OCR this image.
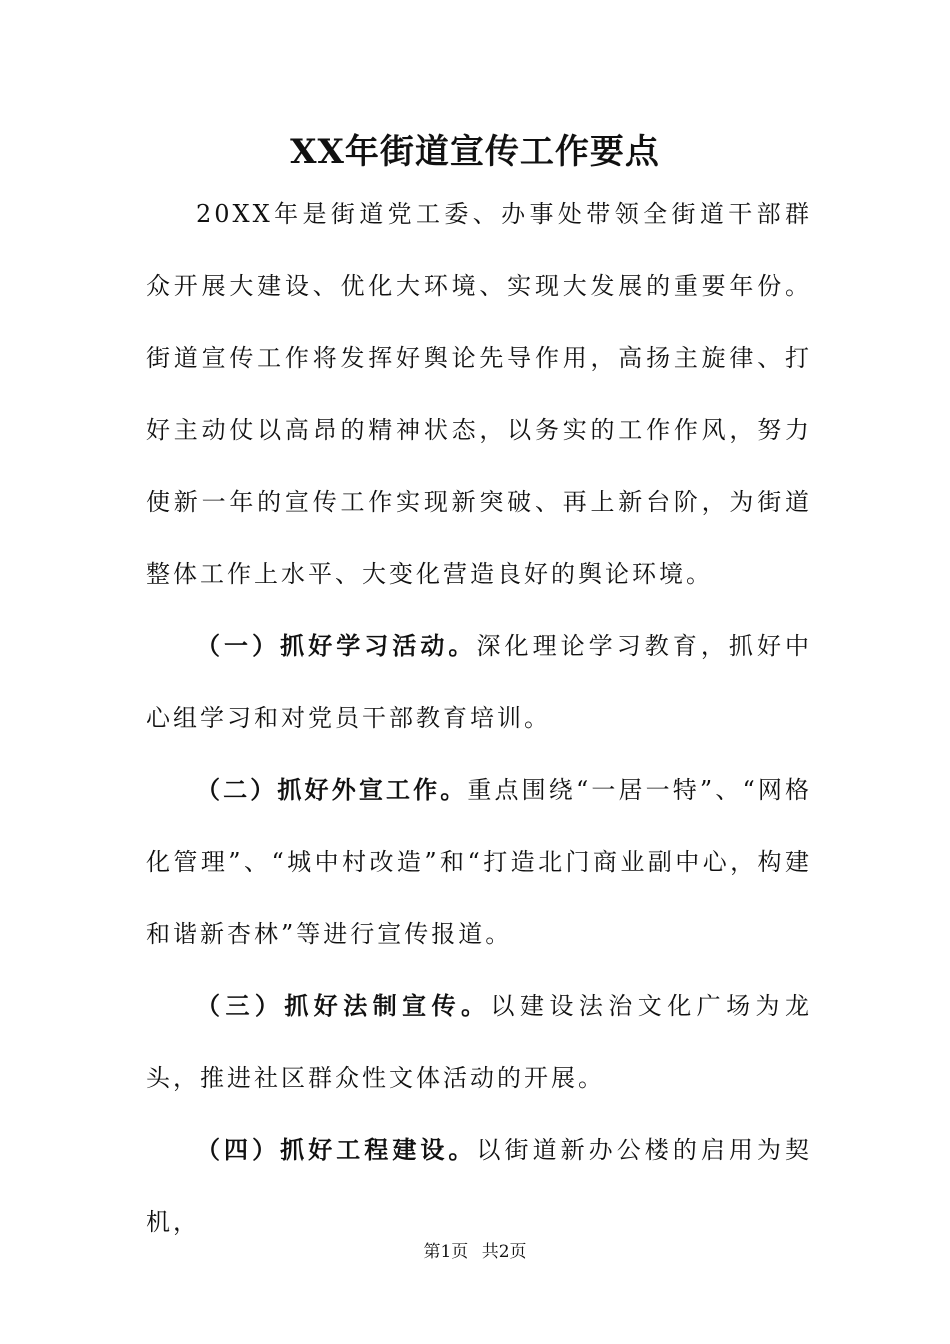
XX年街道宣传工作要点

20XX年是街道党工委、办事处带领全街道干部群众开展大建设、优化大环境、实现大发展的重要年份。街道宣传工作将发挥好舆论先导作用，高扬主旋律、打好主动仗以高昂的精神状态，以务实的工作作风，努力使新一年的宣传工作实现新突破、再上新台阶，为街道整体工作上水平、大变化营造良好的舆论环境。

（一）抓好学习活动。深化理论学习教育，抓好中心组学习和对党员干部教育培训。

（二）抓好外宣工作。重点围绕“一居一特”、“网格化管理”、“城中村改造”和“打造北门商业副中心，构建和谐新杏林”等进行宣传报道。

（三）抓好法制宣传。以建设法治文化广场为龙头，推进社区群众性文体活动的开展。

（四）抓好工程建设。以街道新办公楼的启用为契机，

第1页 共2页
